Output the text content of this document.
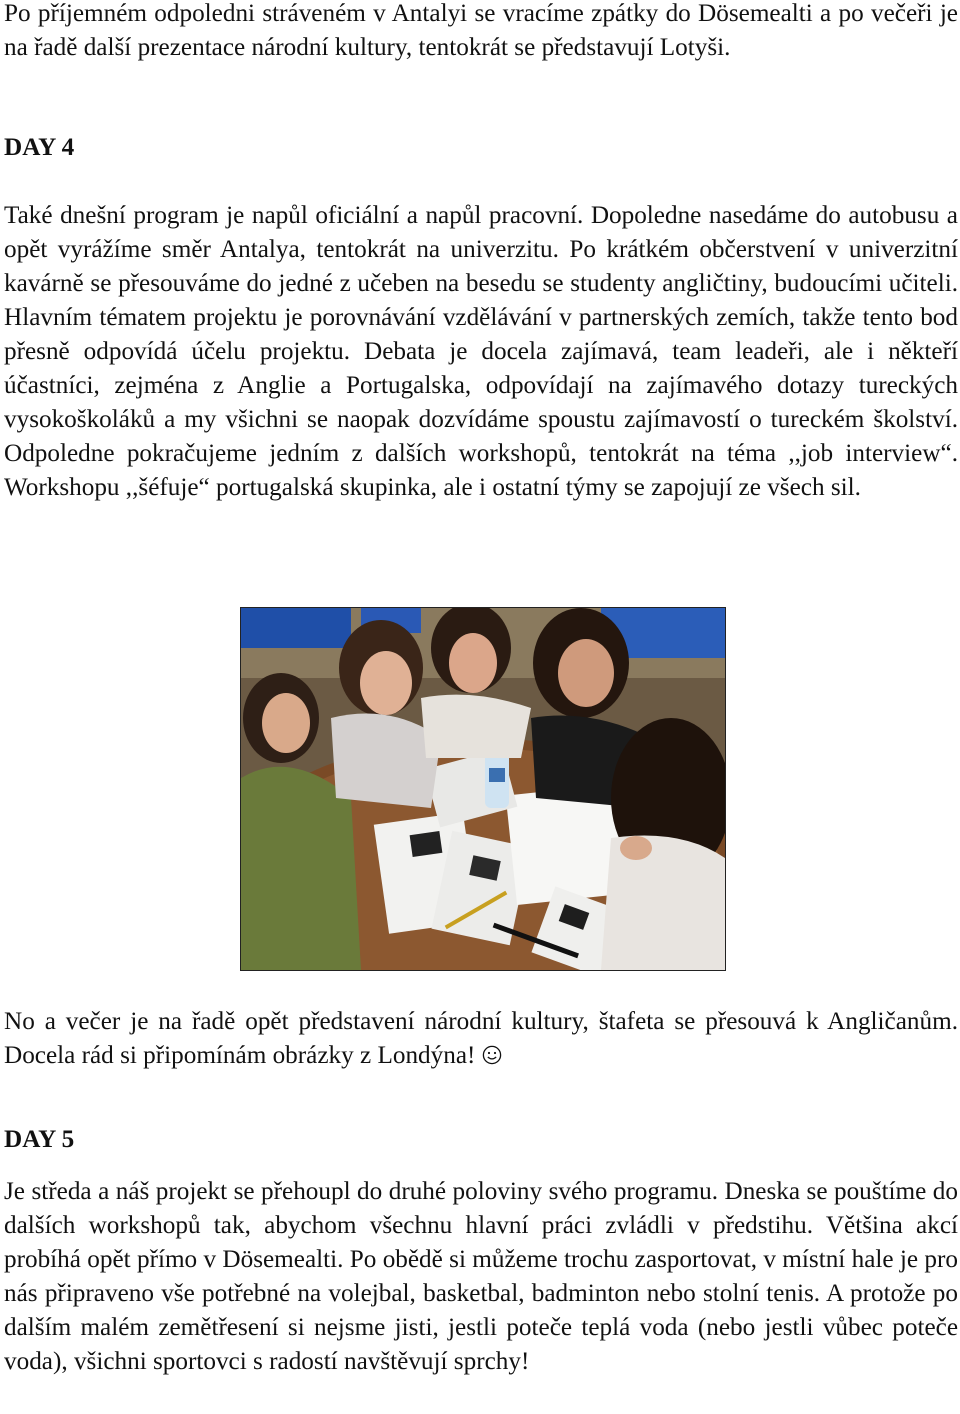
Po příjemném odpoledni stráveném v Antalyi se vracíme zpátky do Dösemealti a po večeři je na řadě další prezentace národní kultury, tentokrát se představují Lotyši.

DAY 4

Také dnešní program je napůl oficiální a napůl pracovní. Dopoledne nasedáme do autobusu a opět vyrážíme směr Antalya, tentokrát na univerzitu. Po krátkém občerstvení v univerzitní kavárně se přesouváme do jedné z učeben na besedu se studenty angličtiny, budoucími učiteli. Hlavním tématem projektu je porovnávání vzdělávání v partnerských zemích, takže tento bod přesně odpovídá účelu projektu. Debata je docela zajímavá, team leadeři, ale i někteří účastníci, zejména z Anglie a Portugalska, odpovídají na zajímavého dotazy tureckých vysokoškoláků a my všichni se naopak dozvídáme spoustu zajímavostí o tureckém školství. Odpoledne pokračujeme jedním z dalších workshopů, tentokrát na téma ,,job interview“. Workshopu ,,šéfuje“ portugalská skupinka, ale i ostatní týmy se zapojují ze všech sil.

No a večer je na řadě opět představení národní kultury, štafeta se přesouvá k Angličanům. Docela rád si připomínám obrázky z Londýna!

DAY 5

Je středa a náš projekt se přehoupl do druhé poloviny svého programu. Dneska se pouštíme do dalších workshopů tak, abychom všechnu hlavní práci zvládli v předstihu. Většina akcí probíhá opět přímo v Dösemealti. Po obědě si můžeme trochu zasportovat, v místní hale je pro nás připraveno vše potřebné na volejbal, basketbal, badminton nebo stolní tenis. A protože po dalším malém zemětřesení si nejsme jisti, jestli poteče teplá voda (nebo jestli vůbec poteče voda), všichni sportovci s radostí navštěvují sprchy!
